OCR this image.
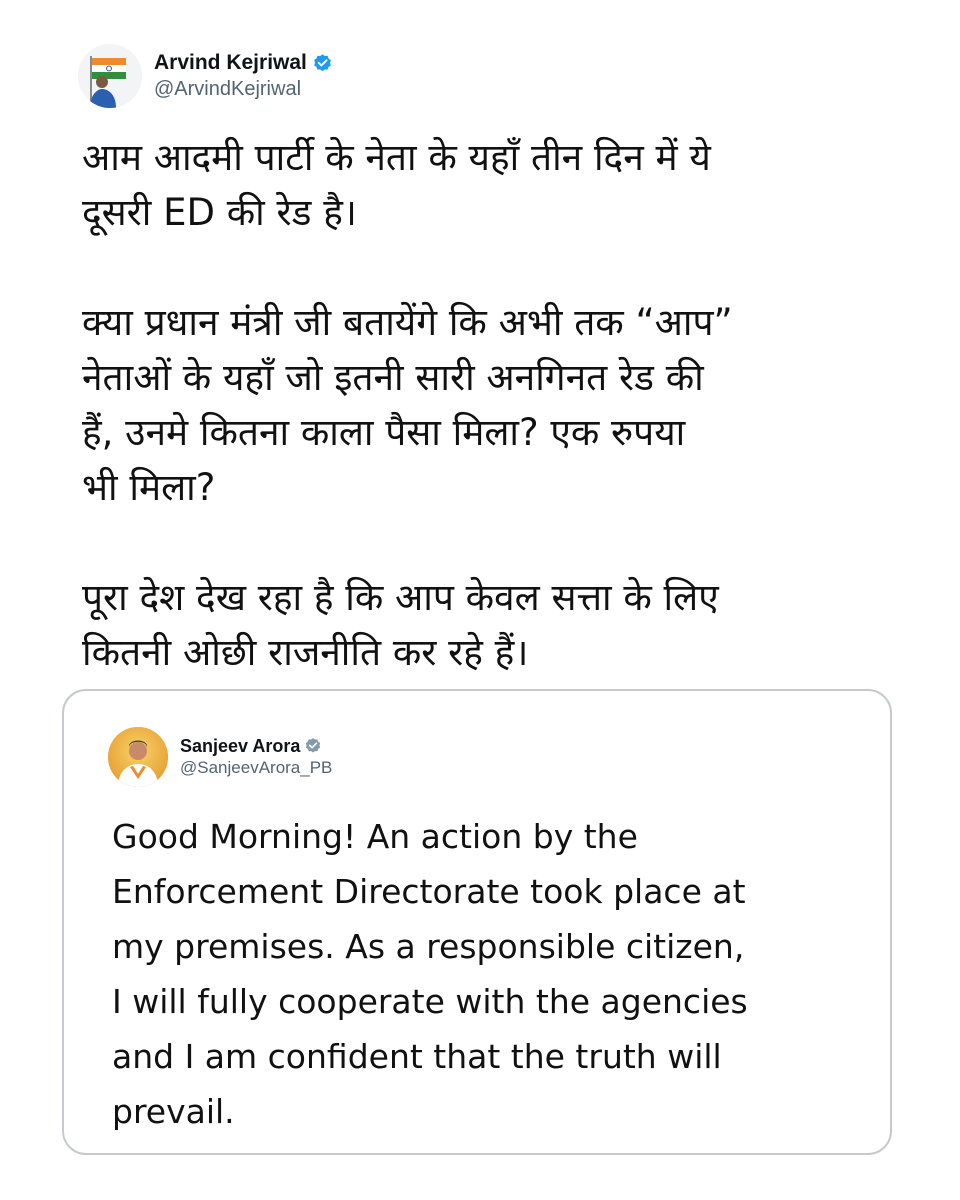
Arvind Kejriwal
@ArvindKejriwal

आम आदमी पार्टी के नेता के यहाँ तीन दिन में ये
दूसरी ED की रेड है।

क्या प्रधान मंत्री जी बतायेंगे कि अभी तक “आप”
नेताओं के यहाँ जो इतनी सारी अनगिनत रेड की
हैं, उनमे कितना काला पैसा मिला? एक रुपया
भी मिला?

पूरा देश देख रहा है कि आप केवल सत्ता के लिए
कितनी ओछी राजनीति कर रहे हैं।

Sanjeev Arora
@SanjeevArora_PB
Good Morning! An action by the
Enforcement Directorate took place at
my premises. As a responsible citizen,
I will fully cooperate with the agencies
and I am confident that the truth will
prevail.
